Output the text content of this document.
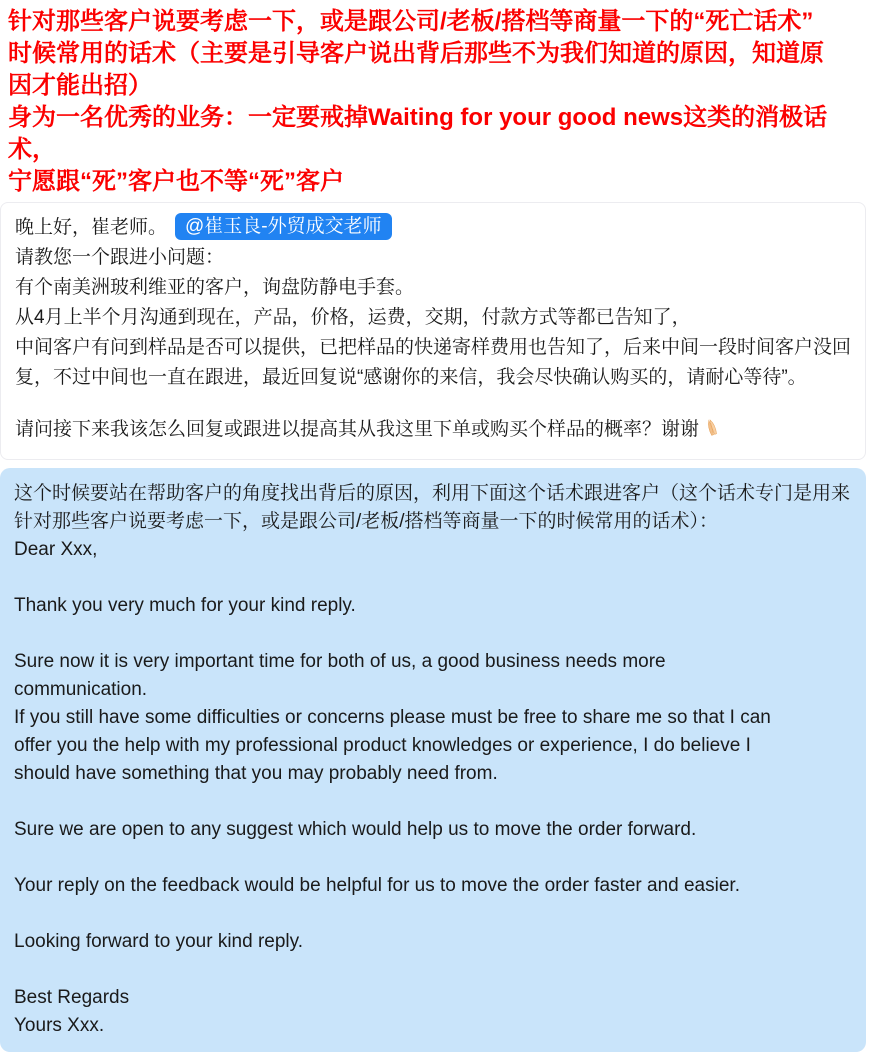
针对那些客户说要考虑一下，或是跟公司/老板/搭档等商量一下的“死亡话术”
时候常用的话术（主要是引导客户说出背后那些不为我们知道的原因，知道原
因才能出招）
身为一名优秀的业务：一定要戒掉Waiting for your good news这类的消极话术，
宁愿跟“死”客户也不等“死”客户
晚上好，崔老师。 @崔玉良-外贸成交老师
请教您一个跟进小问题：
有个南美洲玻利维亚的客户，询盘防静电手套。
从4月上半个月沟通到现在，产品，价格，运费，交期，付款方式等都已告知了，
中间客户有问到样品是否可以提供，已把样品的快递寄样费用也告知了，后来中间一段时间客户没回
复，不过中间也一直在跟进，最近回复说“感谢你的来信，我会尽快确认购买的，请耐心等待”。
请问接下来我该怎么回复或跟进以提高其从我这里下单或购买个样品的概率？谢谢
这个时候要站在帮助客户的角度找出背后的原因，利用下面这个话术跟进客户（这个话术专门是用来
针对那些客户说要考虑一下，或是跟公司/老板/搭档等商量一下的时候常用的话术）：
Dear Xxx,
Thank you very much for your kind reply.
Sure now it is very important time for both of us, a good business needs more
communication.
If you still have some difficulties or concerns please must be free to share me so that I can
offer you the help with my professional product knowledges or experience, I do believe I
should have something that you may probably need from.
Sure we are open to any suggest which would help us to move the order forward.
Your reply on the feedback would be helpful for us to move the order faster and easier.
Looking forward to your kind reply.
Best Regards
Yours Xxx.
